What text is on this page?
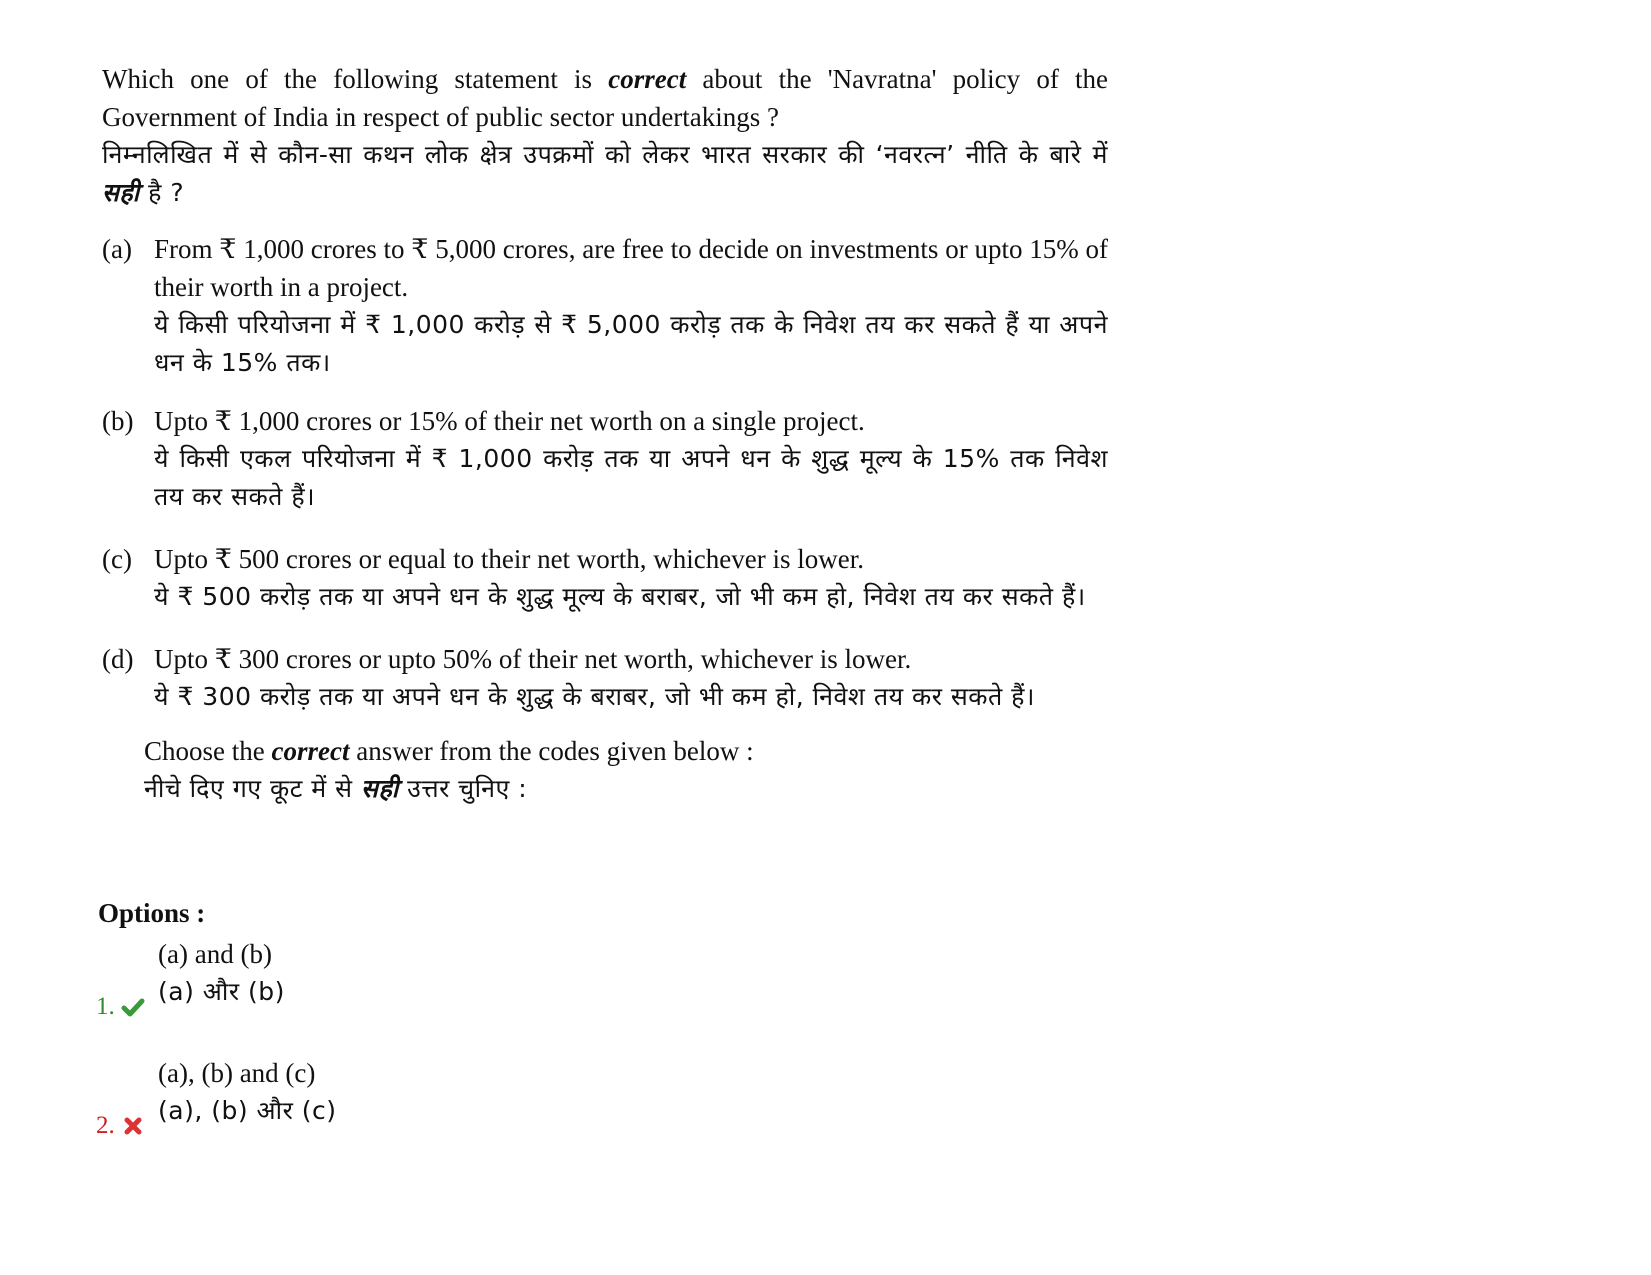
Which one of the following statement is correct about the 'Navratna' policy of the Government of India in respect of public sector undertakings ?

निम्नलिखित में से कौन-सा कथन लोक क्षेत्र उपक्रमों को लेकर भारत सरकार की ‘नवरत्न’ नीति के बारे में सही है ?

(a) From ₹ 1,000 crores to ₹ 5,000 crores, are free to decide on investments or upto 15% of their worth in a project.

ये किसी परियोजना में ₹ 1,000 करोड़ से ₹ 5,000 करोड़ तक के निवेश तय कर सकते हैं या अपने धन के 15% तक।

(b) Upto ₹ 1,000 crores or 15% of their net worth on a single project.

ये किसी एकल परियोजना में ₹ 1,000 करोड़ तक या अपने धन के शुद्ध मूल्य के 15% तक निवेश तय कर सकते हैं।

(c) Upto ₹ 500 crores or equal to their net worth, whichever is lower.

ये ₹ 500 करोड़ तक या अपने धन के शुद्ध मूल्य के बराबर, जो भी कम हो, निवेश तय कर सकते हैं।

(d) Upto ₹ 300 crores or upto 50% of their net worth, whichever is lower.

ये ₹ 300 करोड़ तक या अपने धन के शुद्ध के बराबर, जो भी कम हो, निवेश तय कर सकते हैं।

Choose the correct answer from the codes given below :

नीचे दिए गए कूट में से सही उत्तर चुनिए :

Options :
1.

(a) and (b)

(a) और (b)

2.

(a), (b) and (c)

(a), (b) और (c)
